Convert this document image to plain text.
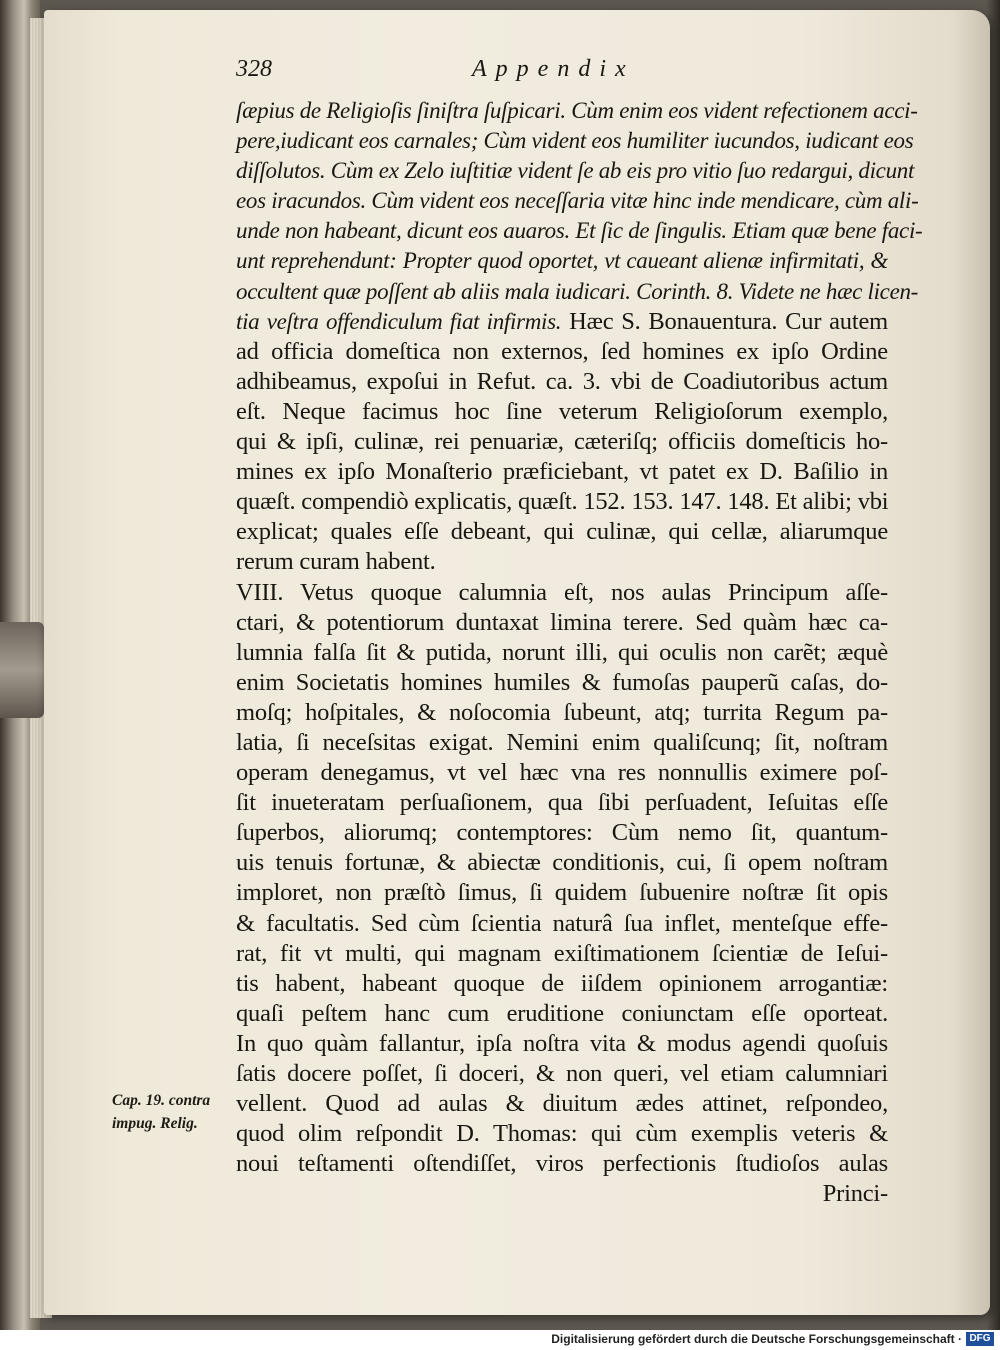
328	Appendix
ſæpius de Religioſis ſiniſtra ſuſpicari. Cùm enim eos vident refectionem acci-
pere,iudicant eos carnales; Cùm vident eos humiliter iucundos, iudicant eos
diſſolutos. Cùm ex Zelo iuſtitiæ vident ſe ab eis pro vitio ſuo redargui, dicunt
eos iracundos. Cùm vident eos neceſſaria vitæ hinc inde mendicare, cùm ali-
unde non habeant, dicunt eos auaros. Et ſic de ſingulis. Etiam quæ bene faci-
unt reprehendunt: Propter quod oportet, vt caueant alienæ infirmitati, &
occultent quæ poſſent ab aliis mala iudicari. Corinth. 8. Videte ne hæc licen-
tia veſtra offendiculum fiat infirmis. Hæc S. Bonauentura. Cur autem
ad officia domeſtica non externos, ſed homines ex ipſo Ordine
adhibeamus, expoſui in Refut. ca. 3. vbi de Coadiutoribus actum
eſt. Neque facimus hoc ſine veterum Religioſorum exemplo,
qui & ipſi, culinæ, rei penuariæ, cæteriſq; officiis domeſticis ho-
mines ex ipſo Monaſterio præficiebant, vt patet ex D. Baſilio in
quæſt. compendiò explicatis, quæſt. 152. 153. 147. 148. Et alibi; vbi
explicat; quales eſſe debeant, qui culinæ, qui cellæ, aliarumque
rerum curam habent.
VIII. Vetus quoque calumnia eſt, nos aulas Principum aſſe-
ctari, & potentiorum duntaxat limina terere. Sed quàm hæc ca-
lumnia falſa ſit & putida, norunt illi, qui oculis non carẽt; æquè
enim Societatis homines humiles & fumoſas pauperũ caſas, do-
moſq; hoſpitales, & noſocomia ſubeunt, atq; turrita Regum pa-
latia, ſi neceſsitas exigat. Nemini enim qualiſcunq; ſit, noſtram
operam denegamus, vt vel hæc vna res nonnullis eximere poſ-
ſit inueteratam perſuaſionem, qua ſibi perſuadent, Ieſuitas eſſe
ſuperbos, aliorumq; contemptores: Cùm nemo ſit, quantum-
uis tenuis fortunæ, & abiectæ conditionis, cui, ſi opem noſtram
imploret, non præſtò ſimus, ſi quidem ſubuenire noſtræ ſit opis
& facultatis. Sed cùm ſcientia naturâ ſua inflet, menteſque effe-
rat, fit vt multi, qui magnam exiſtimationem ſcientiæ de Ieſui-
tis habent, habeant quoque de iiſdem opinionem arrogantiæ:
quaſi peſtem hanc cum eruditione coniunctam eſſe oporteat.
In quo quàm fallantur, ipſa noſtra vita & modus agendi quoſuis
ſatis docere poſſet, ſi doceri, & non queri, vel etiam calumniari
vellent. Quod ad aulas & diuitum ædes attinet, reſpondeo,
quod olim reſpondit D. Thomas: qui cùm exemplis veteris &
noui teſtamenti oſtendiſſet, viros perfectionis ſtudioſos aulas
Princi-
Cap. 19. contra
impug. Relig.
Digitalisierung gefördert durch die Deutsche Forschungsgemeinschaft · DFG
